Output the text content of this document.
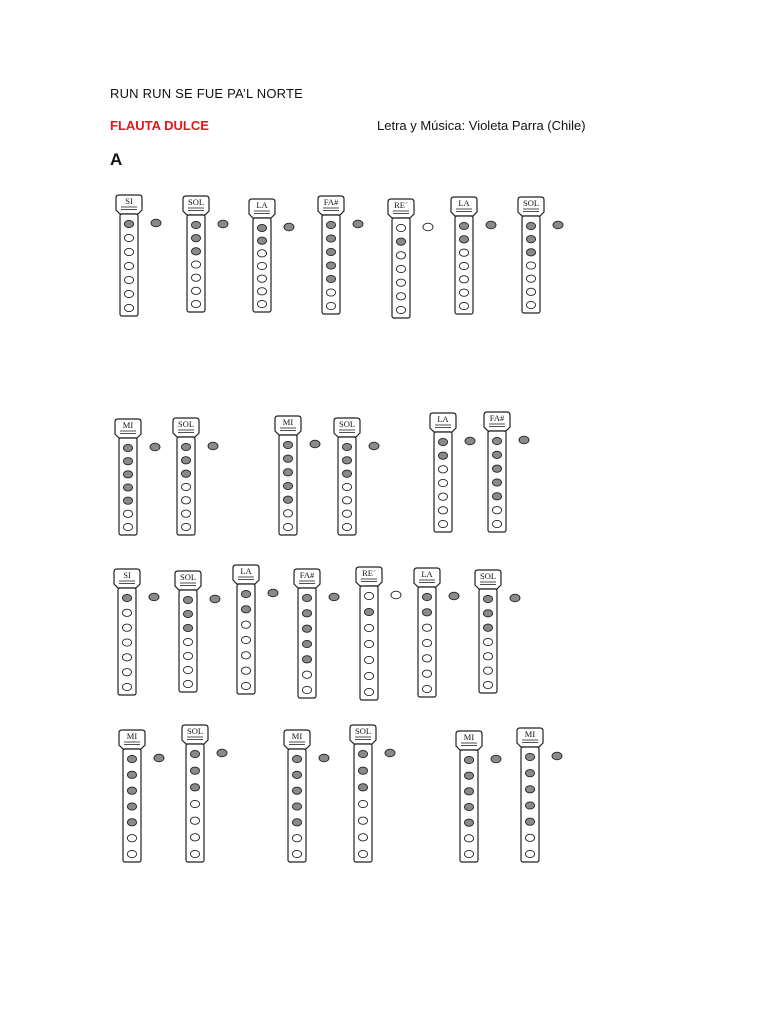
RUN RUN SE FUE PA’L NORTE
FLAUTA DULCE	Letra y Música: Violeta Parra (Chile)
A
SI	SOL	LA	FA#	RE´	LA	SOL
MI	SOL	MI	SOL	LA	FA#
SI	SOL
LA	FA#	RE´	LA	SOL
MI	SOL	MI	SOL
MI	MI
